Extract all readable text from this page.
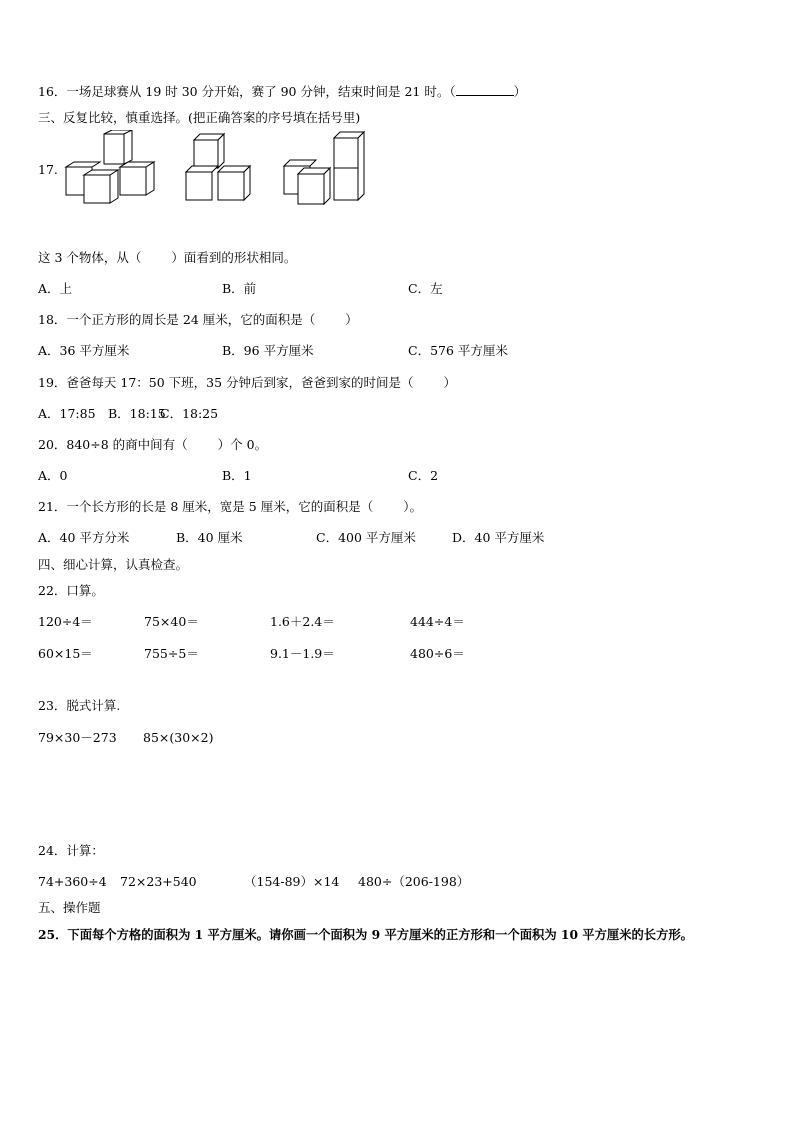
16．一场足球赛从 19 时 30 分开始，赛了 90 分钟，结束时间是 21 时。（	）
三、反复比较，慎重选择。(把正确答案的序号填在括号里)
17.
这 3 个物体，从（ ）面看到的形状相同。
A．上	B．前	C．左
18．一个正方形的周长是 24 厘米，它的面积是（ ）
A．36 平方厘米	B．96 平方厘米	C．576 平方厘米
19．爸爸每天 17：50 下班，35 分钟后到家，爸爸到家的时间是（ ）
A．17:85 B．18:15
C．18:25
20．840÷8 的商中间有（ ）个 0。
A．0	B．1	C．2
21．一个长方形的长是 8 厘米，宽是 5 厘米，它的面积是（ ）。
A．40 平方分米	B．40 厘米	C．400 平方厘米	D．40 平方厘米
四、细心计算，认真检查。
22．口算。
120÷4＝	75×40＝	1.6＋2.4＝	444÷4＝
60×15＝	755÷5＝	9.1－1.9＝	480÷6＝
23．脱式计算.
79×30－273 85×(30×2)
24．计算：
74+360÷4 72×23+540	（154-89）×14 480÷（206-198）
五、操作题
25．下面每个方格的面积为 1 平方厘米。请你画一个面积为 9 平方厘米的正方形和一个面积为 10 平方厘米的长方形。
